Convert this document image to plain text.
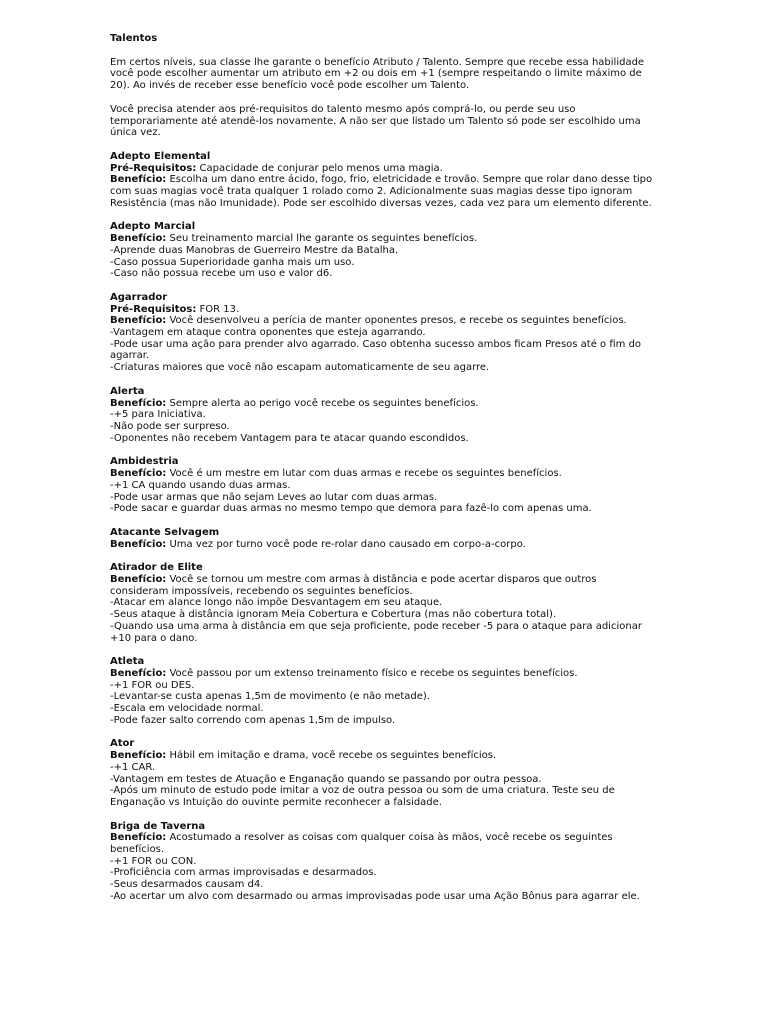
Talentos
Em certos níveis, sua classe lhe garante o benefício Atributo / Talento. Sempre que recebe essa habilidade você pode escolher aumentar um atributo em +2 ou dois em +1 (sempre respeitando o limite máximo de 20). Ao invés de receber esse benefício você pode escolher um Talento.
Você precisa atender aos pré-requisitos do talento mesmo após comprá-lo, ou perde seu uso temporariamente até atendê-los novamente. A não ser que listado um Talento só pode ser escolhido uma única vez.
Adepto Elemental
Pré-Requisitos: Capacidade de conjurar pelo menos uma magia.
Benefício: Escolha um dano entre ácido, fogo, frio, eletricidade e trovão. Sempre que rolar dano desse tipo com suas magias você trata qualquer 1 rolado como 2. Adicionalmente suas magias desse tipo ignoram Resistência (mas não Imunidade). Pode ser escolhido diversas vezes, cada vez para um elemento diferente.
Adepto Marcial
Benefício: Seu treinamento marcial lhe garante os seguintes benefícios.
-Aprende duas Manobras de Guerreiro Mestre da Batalha.
-Caso possua Superioridade ganha mais um uso.
-Caso não possua recebe um uso e valor d6.
Agarrador
Pré-Requisitos: FOR 13.
Benefício: Você desenvolveu a perícia de manter oponentes presos, e recebe os seguintes benefícios.
-Vantagem em ataque contra oponentes que esteja agarrando.
-Pode usar uma ação para prender alvo agarrado. Caso obtenha sucesso ambos ficam Presos até o fim do agarrar.
-Criaturas maiores que você não escapam automaticamente de seu agarre.
Alerta
Benefício: Sempre alerta ao perigo você recebe os seguintes benefícios.
-+5 para Iniciativa.
-Não pode ser surpreso.
-Oponentes não recebem Vantagem para te atacar quando escondidos.
Ambidestria
Benefício: Você é um mestre em lutar com duas armas e recebe os seguintes benefícios.
-+1 CA quando usando duas armas.
-Pode usar armas que não sejam Leves ao lutar com duas armas.
-Pode sacar e guardar duas armas no mesmo tempo que demora para fazê-lo com apenas uma.
Atacante Selvagem
Benefício: Uma vez por turno você pode re-rolar dano causado em corpo-a-corpo.
Atirador de Elite
Benefício: Você se tornou um mestre com armas à distância e pode acertar disparos que outros consideram impossíveis, recebendo os seguintes benefícios.
-Atacar em alance longo não impõe Desvantagem em seu ataque.
-Seus ataque à distância ignoram Meia Cobertura e Cobertura (mas não cobertura total).
-Quando usa uma arma à distância em que seja proficiente, pode receber -5 para o ataque para adicionar +10 para o dano.
Atleta
Benefício: Você passou por um extenso treinamento físico e recebe os seguintes benefícios.
-+1 FOR ou DES.
-Levantar-se custa apenas 1,5m de movimento (e não metade).
-Escala em velocidade normal.
-Pode fazer salto correndo com apenas 1,5m de impulso.
Ator
Benefício: Hábil em imitação e drama, você recebe os seguintes benefícios.
-+1 CAR.
-Vantagem em testes de Atuação e Enganação quando se passando por outra pessoa.
-Após um minuto de estudo pode imitar a voz de outra pessoa ou som de uma criatura. Teste seu de Enganação vs Intuição do ouvinte permite reconhecer a falsidade.
Briga de Taverna
Benefício: Acostumado a resolver as coisas com qualquer coisa às mãos, você recebe os seguintes benefícios.
-+1 FOR ou CON.
-Proficiência com armas improvisadas e desarmados.
-Seus desarmados causam d4.
-Ao acertar um alvo com desarmado ou armas improvisadas pode usar uma Ação Bônus para agarrar ele.
